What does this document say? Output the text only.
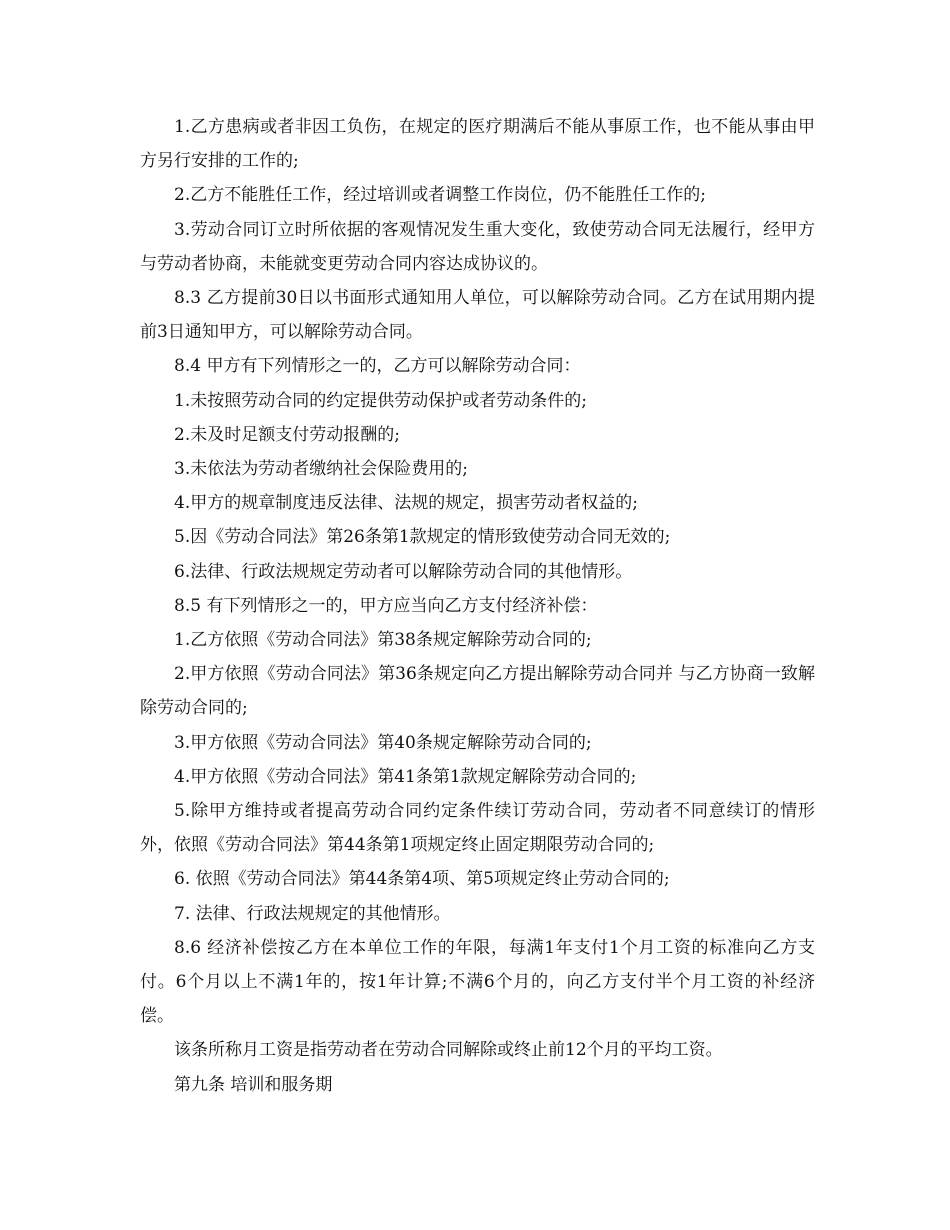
1.乙方患病或者非因工负伤，在规定的医疗期满后不能从事原工作，也不能从事由甲方另行安排的工作的;

2.乙方不能胜任工作，经过培训或者调整工作岗位，仍不能胜任工作的;

3.劳动合同订立时所依据的客观情况发生重大变化，致使劳动合同无法履行，经甲方与劳动者协商，未能就变更劳动合同内容达成协议的。

8.3 乙方提前30日以书面形式通知用人单位，可以解除劳动合同。乙方在试用期内提前3日通知甲方，可以解除劳动合同。

8.4 甲方有下列情形之一的，乙方可以解除劳动合同：

1.未按照劳动合同的约定提供劳动保护或者劳动条件的;

2.未及时足额支付劳动报酬的;

3.未依法为劳动者缴纳社会保险费用的;

4.甲方的规章制度违反法律、法规的规定，损害劳动者权益的;

5.因《劳动合同法》第26条第1款规定的情形致使劳动合同无效的;

6.法律、行政法规规定劳动者可以解除劳动合同的其他情形。

8.5 有下列情形之一的，甲方应当向乙方支付经济补偿：

1.乙方依照《劳动合同法》第38条规定解除劳动合同的;

2.甲方依照《劳动合同法》第36条规定向乙方提出解除劳动合同并 与乙方协商一致解除劳动合同的;

3.甲方依照《劳动合同法》第40条规定解除劳动合同的;

4.甲方依照《劳动合同法》第41条第1款规定解除劳动合同的;

5.除甲方维持或者提高劳动合同约定条件续订劳动合同，劳动者不同意续订的情形外，依照《劳动合同法》第44条第1项规定终止固定期限劳动合同的;

6. 依照《劳动合同法》第44条第4项、第5项规定终止劳动合同的;

7. 法律、行政法规规定的其他情形。

8.6 经济补偿按乙方在本单位工作的年限，每满1年支付1个月工资的标准向乙方支付。6个月以上不满1年的，按1年计算;不满6个月的，向乙方支付半个月工资的补经济偿。

该条所称月工资是指劳动者在劳动合同解除或终止前12个月的平均工资。

第九条 培训和服务期
